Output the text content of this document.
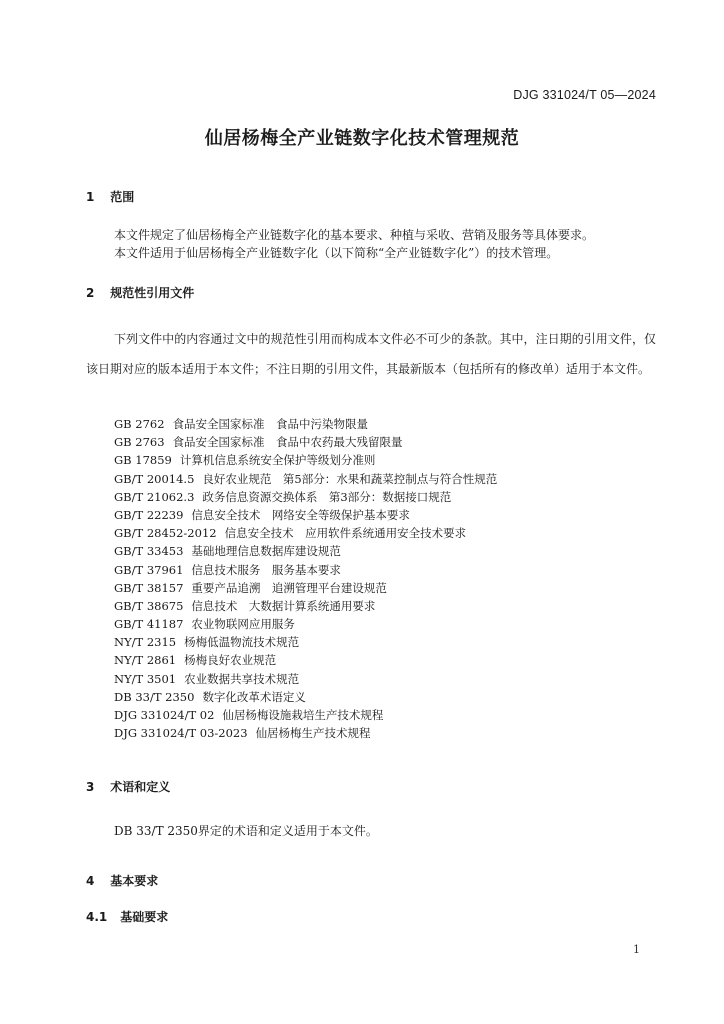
DJG 331024/T 05—2024
仙居杨梅全产业链数字化技术管理规范
1 范围
本文件规定了仙居杨梅全产业链数字化的基本要求、种植与采收、营销及服务等具体要求。
本文件适用于仙居杨梅全产业链数字化（以下简称“全产业链数字化”）的技术管理。
2 规范性引用文件
下列文件中的内容通过文中的规范性引用而构成本文件必不可少的条款。其中，注日期的引用文件，仅该日期对应的版本适用于本文件；不注日期的引用文件，其最新版本（包括所有的修改单）适用于本文件。
GB 2762 食品安全国家标准　食品中污染物限量
GB 2763 食品安全国家标准　食品中农药最大残留限量
GB 17859 计算机信息系统安全保护等级划分准则
GB/T 20014.5 良好农业规范　第5部分：水果和蔬菜控制点与符合性规范
GB/T 21062.3 政务信息资源交换体系　第3部分：数据接口规范
GB/T 22239 信息安全技术　网络安全等级保护基本要求
GB/T 28452-2012 信息安全技术　应用软件系统通用安全技术要求
GB/T 33453 基础地理信息数据库建设规范
GB/T 37961 信息技术服务　服务基本要求
GB/T 38157 重要产品追溯　追溯管理平台建设规范
GB/T 38675 信息技术　大数据计算系统通用要求
GB/T 41187 农业物联网应用服务
NY/T 2315 杨梅低温物流技术规范
NY/T 2861 杨梅良好农业规范
NY/T 3501 农业数据共享技术规范
DB 33/T 2350 数字化改革术语定义
DJG 331024/T 02 仙居杨梅设施栽培生产技术规程
DJG 331024/T 03-2023 仙居杨梅生产技术规程
3 术语和定义
DB 33/T 2350界定的术语和定义适用于本文件。
4 基本要求
4.1 基础要求
1
